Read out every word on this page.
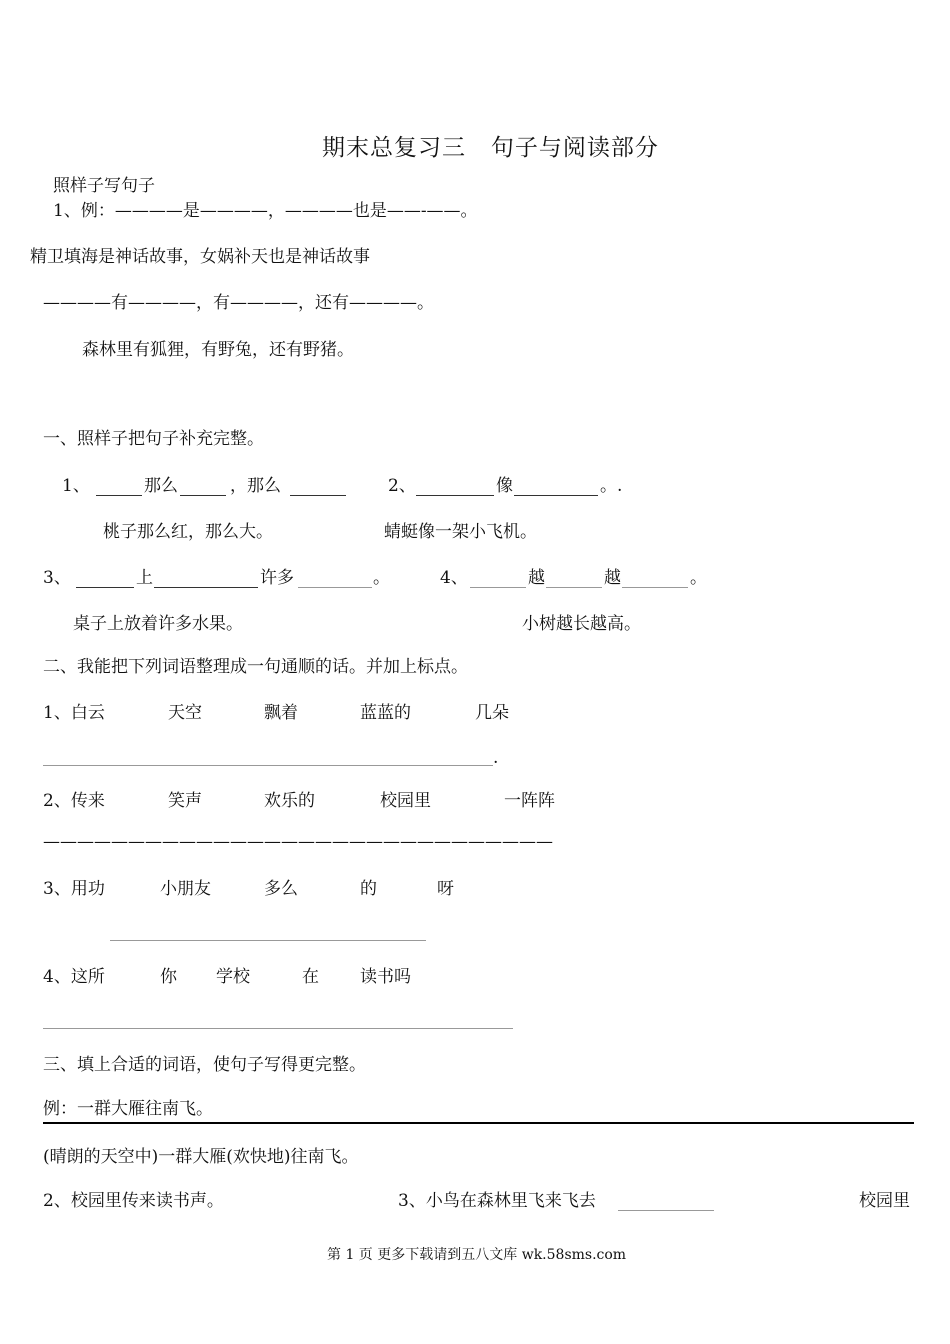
期末总复习三   句子与阅读部分
照样子写句子
1、例：————是————，————也是——-——。
精卫填海是神话故事，女娲补天也是神话故事
————有————，有————，还有————。
森林里有狐狸，有野兔，还有野猪。
一、照样子把句子补充完整。
1、	那么	，那么	2、	像	。.
桃子那么红，那么大。	蜻蜓像一架小飞机。
3、	上	许多	。	4、	越	越	。
桌子上放着许多水果。	小树越长越高。
二、我能把下列词语整理成一句通顺的话。并加上标点。
1、白云	天空	飘着	蓝蓝的	几朵
.
2、传来	笑声	欢乐的	校园里	一阵阵
——————————————————————————————
3、用功	小朋友	多么	的	呀
4、这所	你 学校	在 读书吗
三、填上合适的词语，使句子写得更完整。
例：一群大雁往南飞。
(晴朗的天空中)一群大雁(欢快地)往南飞。
2、校园里传来读书声。	3、小鸟在森林里飞来飞去	校园里
第 1 页 更多下载请到五八文库 wk.58sms.com
